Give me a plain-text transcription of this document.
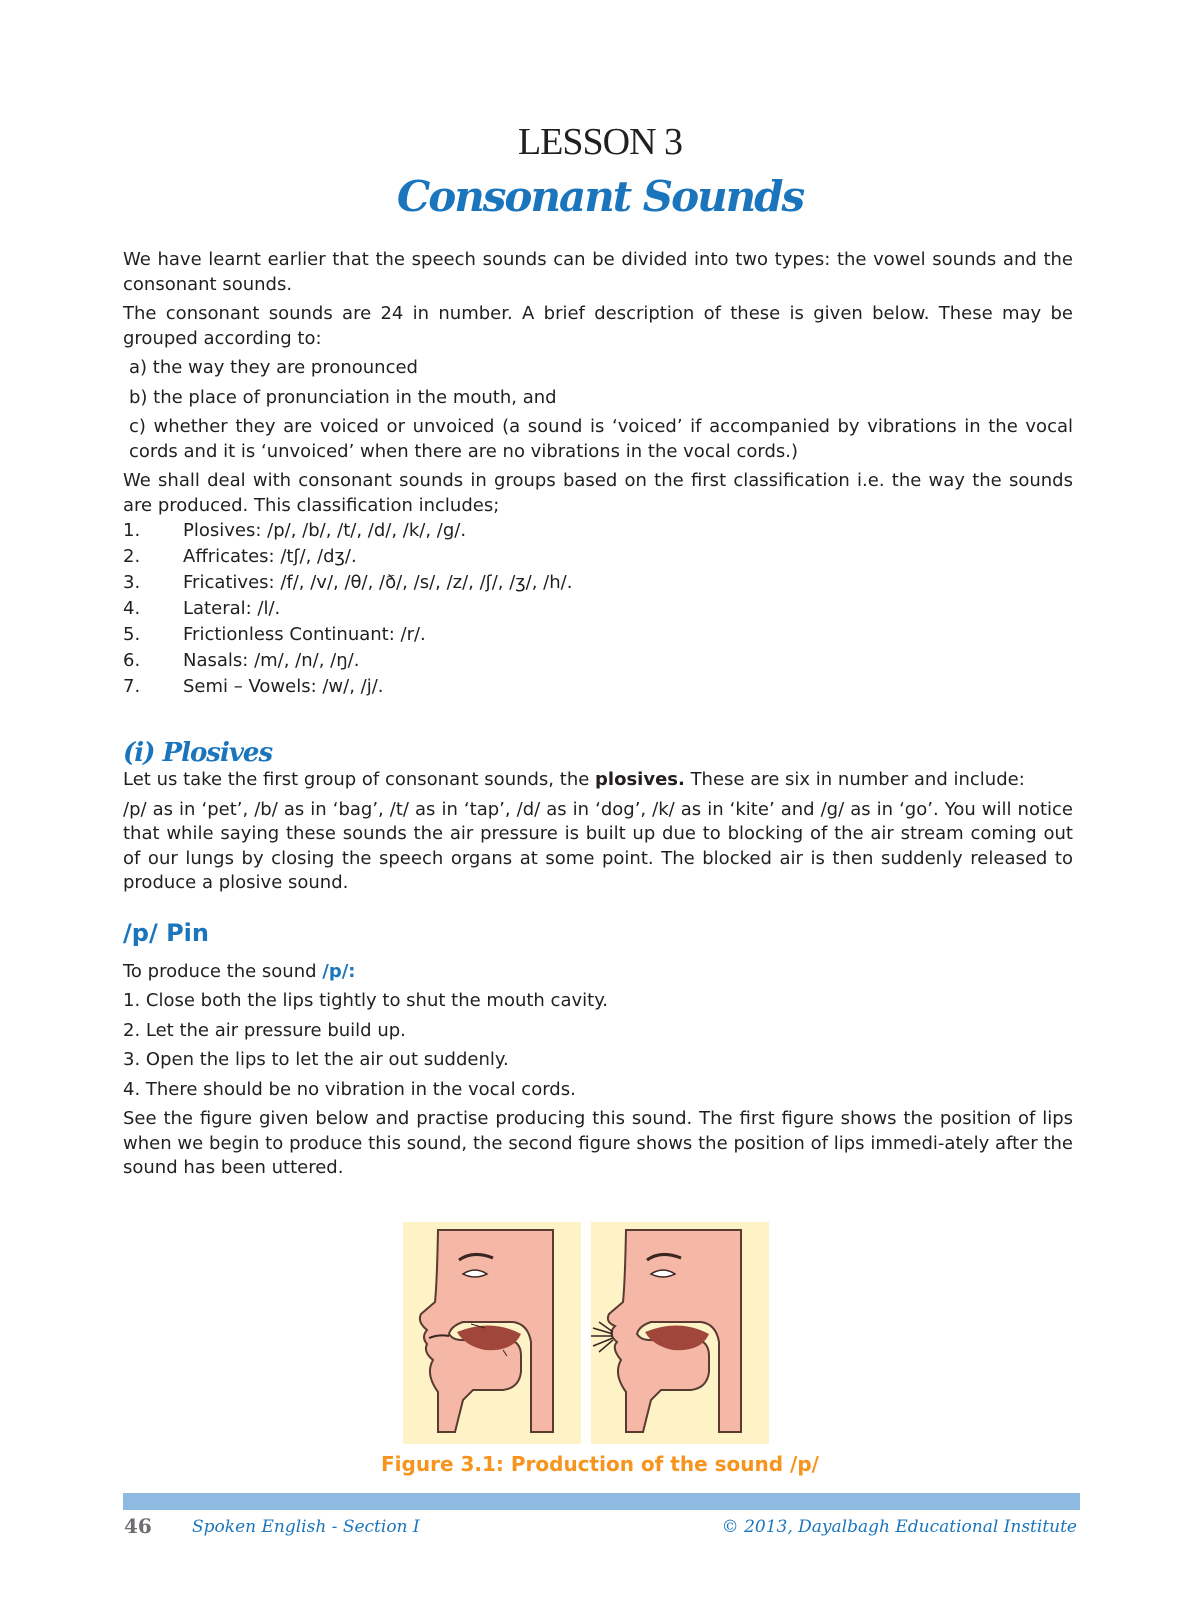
LESSON 3
Consonant Sounds

We have learnt earlier that the speech sounds can be divided into two types: the vowel sounds and the consonant sounds.

The consonant sounds are 24 in number. A brief description of these is given below. These may be grouped according to:

a) the way they are pronounced

b) the place of pronunciation in the mouth, and

c) whether they are voiced or unvoiced (a sound is ‘voiced’ if accompanied by vibrations in the vocal cords and it is ‘unvoiced’ when there are no vibrations in the vocal cords.)

We shall deal with consonant sounds in groups based on the first classification i.e. the way the sounds are produced. This classification includes;

1.	Plosives: /p/, /b/, /t/, /d/, /k/, /g/.
2.	Affricates: /tʃ/, /dʒ/.
3.	Fricatives: /f/, /v/, /θ/, /ð/, /s/, /z/, /ʃ/, /ʒ/, /h/.
4.	Lateral: /l/.
5.	Frictionless Continuant: /r/.
6.	Nasals: /m/, /n/, /ŋ/.
7.	Semi – Vowels: /w/, /j/.
(i) Plosives

Let us take the first group of consonant sounds, the plosives. These are six in number and include:

/p/ as in ‘pet’, /b/ as in ‘bag’, /t/ as in ‘tap’, /d/ as in ‘dog’, /k/ as in ‘kite’ and /g/ as in ‘go’. You will notice that while saying these sounds the air pressure is built up due to blocking of the air stream coming out of our lungs by closing the speech organs at some point. The blocked air is then suddenly released to produce a plosive sound.

/p/ Pin

To produce the sound /p/:

1. Close both the lips tightly to shut the mouth cavity.

2. Let the air pressure build up.

3. Open the lips to let the air out suddenly.

4. There should be no vibration in the vocal cords.

See the figure given below and practise producing this sound. The first figure shows the position of lips when we begin to produce this sound, the second figure shows the position of lips immedi-ately after the sound has been uttered.

Figure 3.1: Production of the sound /p/
46 Spoken English - Section I	© 2013, Dayalbagh Educational Institute
